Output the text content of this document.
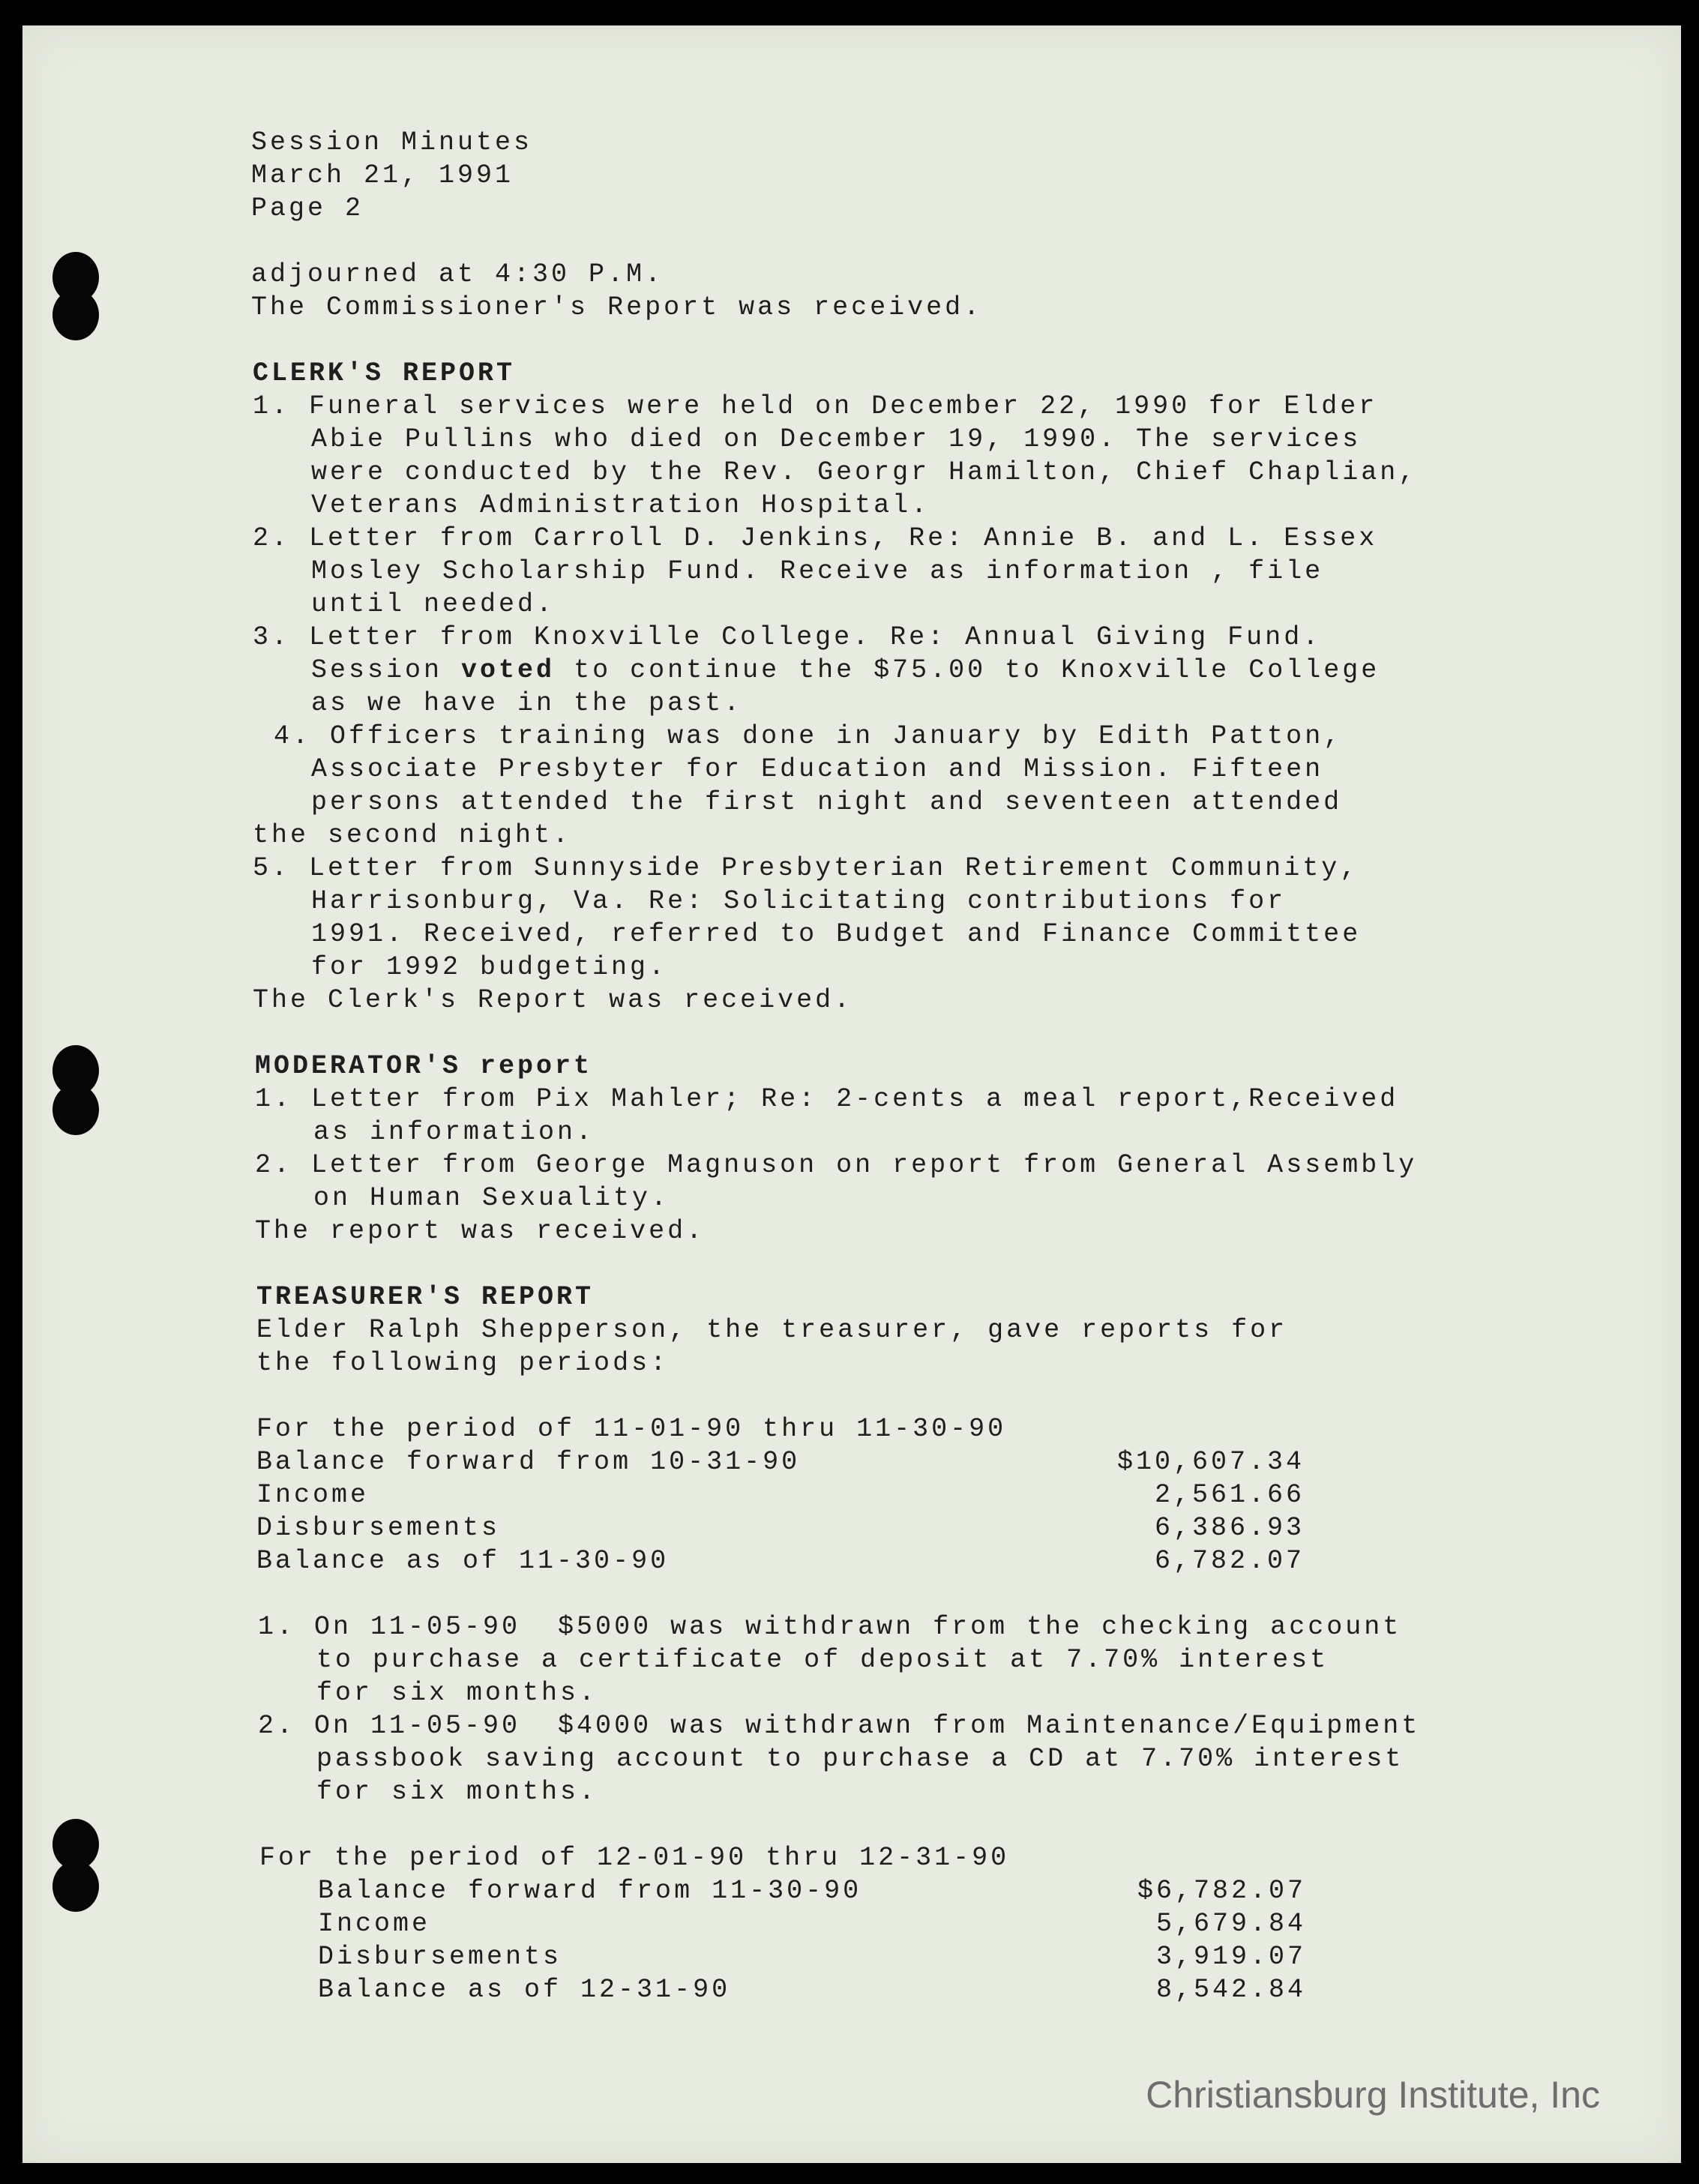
Session Minutes
March 21, 1991
Page 2
adjourned at 4:30 P.M.
The Commissioner's Report was received.
CLERK'S REPORT
1. Funeral services were held on December 22, 1990 for Elder
Abie Pullins who died on December 19, 1990. The services
were conducted by the Rev. Georgr Hamilton, Chief Chaplian,
Veterans Administration Hospital.
2. Letter from Carroll D. Jenkins, Re: Annie B. and L. Essex
Mosley Scholarship Fund. Receive as information , file
until needed.
3. Letter from Knoxville College. Re: Annual Giving Fund.
Session voted to continue the $75.00 to Knoxville College
as we have in the past.
4. Officers training was done in January by Edith Patton,
Associate Presbyter for Education and Mission. Fifteen
persons attended the first night and seventeen attended
the second night.
5. Letter from Sunnyside Presbyterian Retirement Community,
Harrisonburg, Va. Re: Solicitating contributions for
1991. Received, referred to Budget and Finance Committee
for 1992 budgeting.
The Clerk's Report was received.
MODERATOR'S report
1. Letter from Pix Mahler; Re: 2-cents a meal report,Received
as information.
2. Letter from George Magnuson on report from General Assembly
on Human Sexuality.
The report was received.
TREASURER'S REPORT
Elder Ralph Shepperson, the treasurer, gave reports for
the following periods:
For the period of 11-01-90 thru 11-30-90
Balance forward from 10-31-90	$10,607.34
Income	2,561.66
Disbursements	6,386.93
Balance as of 11-30-90	6,782.07
1. On 11-05-90  $5000 was withdrawn from the checking account
to purchase a certificate of deposit at 7.70% interest
for six months.
2. On 11-05-90  $4000 was withdrawn from Maintenance/Equipment
passbook saving account to purchase a CD at 7.70% interest
for six months.
For the period of 12-01-90 thru 12-31-90
Balance forward from 11-30-90	$6,782.07
Income	5,679.84
Disbursements	3,919.07
Balance as of 12-31-90	8,542.84
Christiansburg Institute, Inc
